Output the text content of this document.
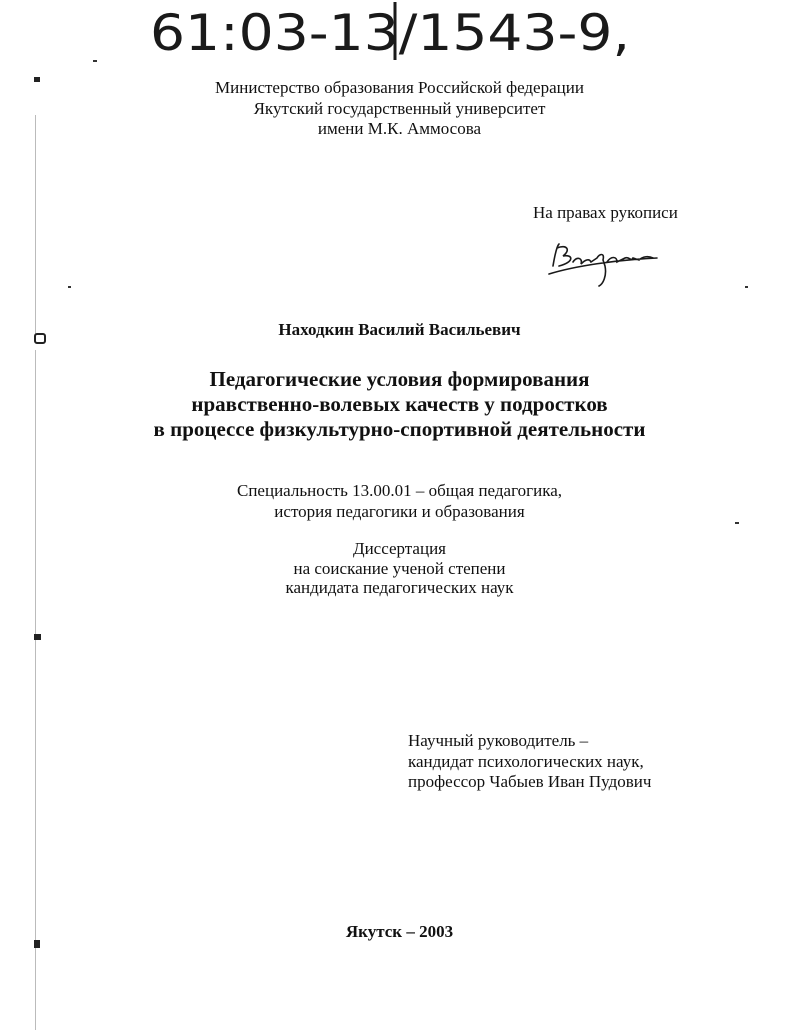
61:03-13/1543-9,
Министерство образования Российской федерации
Якутский государственный университет
имени М.К. Аммосова
На правах рукописи
Находкин Василий Васильевич
Педагогические условия формирования
нравственно-волевых качеств у подростков
в процессе физкультурно-спортивной деятельности
Специальность 13.00.01 – общая педагогика,
история педагогики и образования
Диссертация
на соискание ученой степени
кандидата педагогических наук
Научный руководитель –
кандидат психологических наук,
профессор Чабыев Иван Пудович
Якутск – 2003
